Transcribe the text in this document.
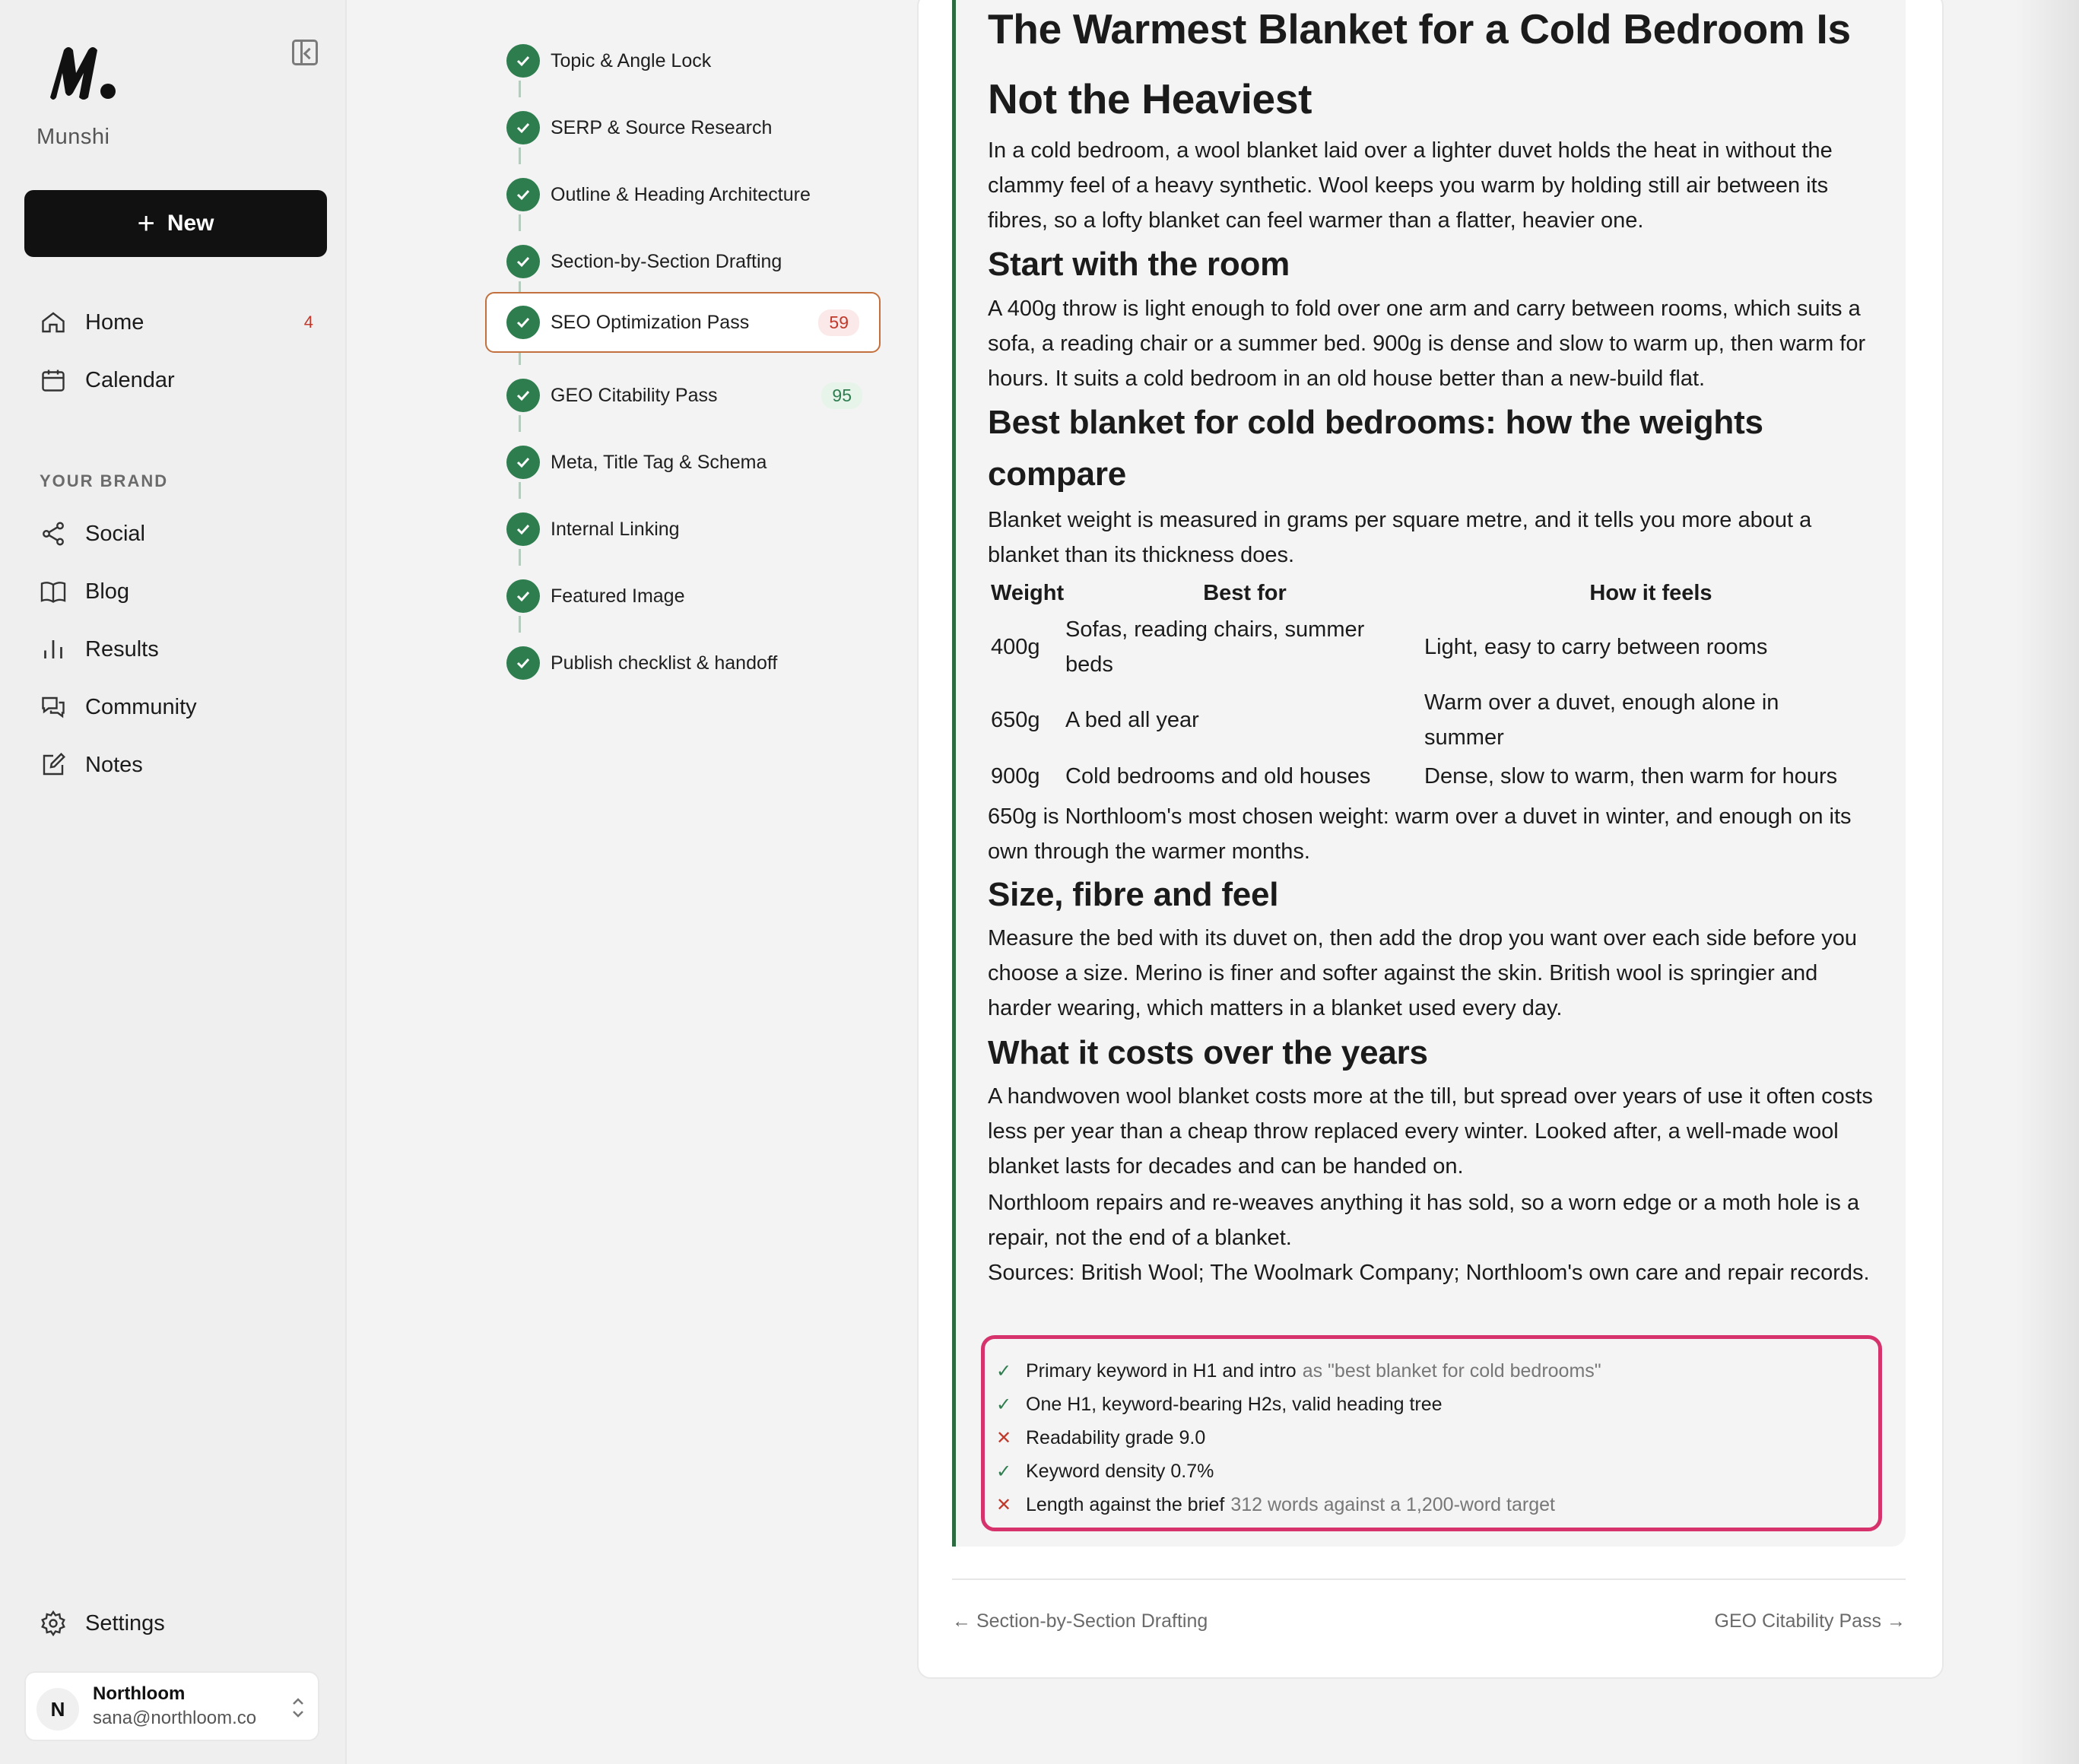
Munshi
+ New
Home	4
Calendar
YOUR BRAND
Social
Blog
Results
Community
Notes
Settings
N
Northloom
sana@northloom.co
Topic & Angle Lock
SERP & Source Research
Outline & Heading Architecture
Section-by-Section Drafting
SEO Optimization Pass	59
GEO Citability Pass	95
Meta, Title Tag & Schema
Internal Linking
Featured Image
Publish checklist & handoff
The Warmest Blanket for a Cold Bedroom Is
Not the Heaviest

In a cold bedroom, a wool blanket laid over a lighter duvet holds the heat in without the clammy feel of a heavy synthetic. Wool keeps you warm by holding still air between its fibres, so a lofty blanket can feel warmer than a flatter, heavier one.

Start with the room

A 400g throw is light enough to fold over one arm and carry between rooms, which suits a sofa, a reading chair or a summer bed. 900g is dense and slow to warm up, then warm for hours. It suits a cold bedroom in an old house better than a new-build flat.

Best blanket for cold bedrooms: how the weights
compare

Blanket weight is measured in grams per square metre, and it tells you more about a blanket than its thickness does.

Weight	Best for	How it feels
400g	Sofas, reading chairs, summer beds	Light, easy to carry between rooms
650g	A bed all year	Warm over a duvet, enough alone in summer
900g	Cold bedrooms and old houses	Dense, slow to warm, then warm for hours

650g is Northloom's most chosen weight: warm over a duvet in winter, and enough on its own through the warmer months.

Size, fibre and feel

Measure the bed with its duvet on, then add the drop you want over each side before you choose a size. Merino is finer and softer against the skin. British wool is springier and harder wearing, which matters in a blanket used every day.

What it costs over the years

A handwoven wool blanket costs more at the till, but spread over years of use it often costs less per year than a cheap throw replaced every winter. Looked after, a well-made wool blanket lasts for decades and can be handed on.

Northloom repairs and re-weaves anything it has sold, so a worn edge or a moth hole is a repair, not the end of a blanket.

Sources: British Wool; The Woolmark Company; Northloom's own care and repair records.

✓ Primary keyword in H1 and intro as "best blanket for cold bedrooms"
✓ One H1, keyword-bearing H2s, valid heading tree
✕ Readability grade 9.0
✓ Keyword density 0.7%
✕ Length against the brief 312 words against a 1,200-word target
← Section-by-Section Drafting	GEO Citability Pass →
